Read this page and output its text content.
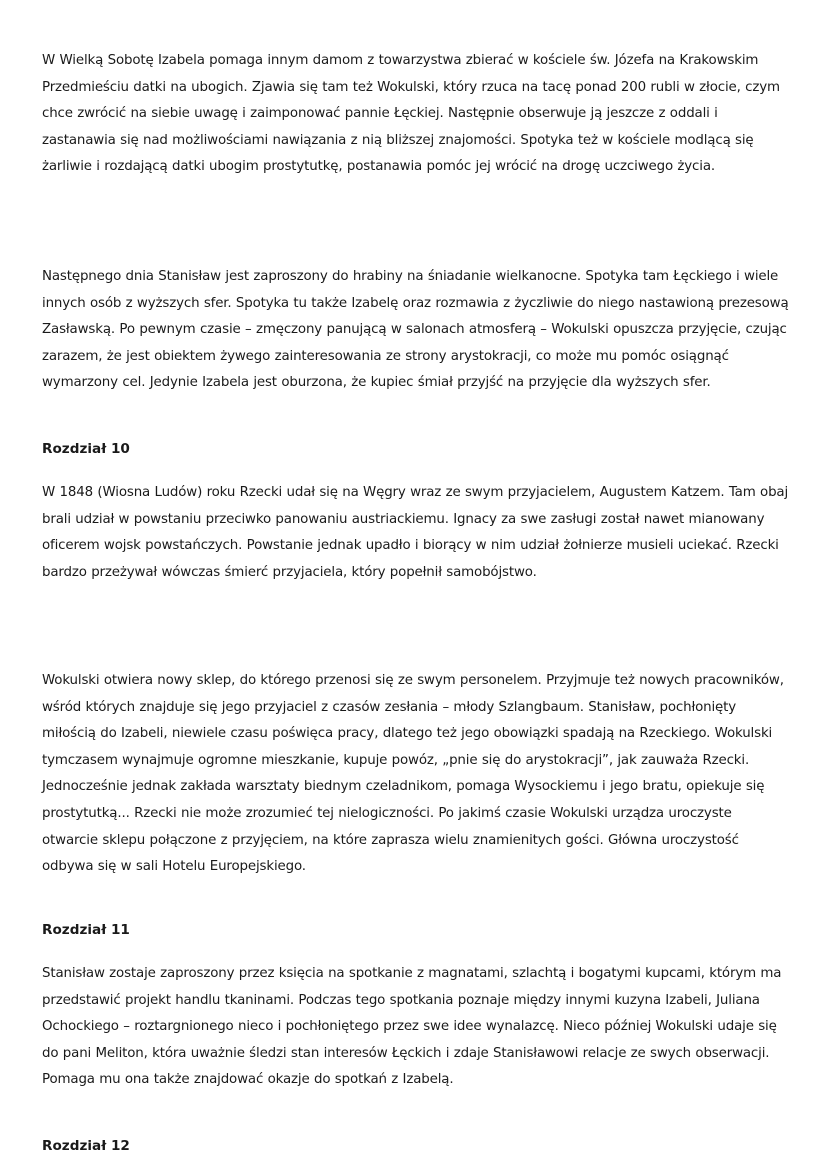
W Wielką Sobotę Izabela pomaga innym damom z towarzystwa zbierać w kościele św. Józefa na Krakowskim Przedmieściu datki na ubogich. Zjawia się tam też Wokulski, który rzuca na tacę ponad 200 rubli w złocie, czym chce zwrócić na siebie uwagę i zaimponować pannie Łęckiej. Następnie obserwuje ją jeszcze z oddali i zastanawia się nad możliwościami nawiązania z nią bliższej znajomości. Spotyka też w kościele modlącą się żarliwie i rozdającą datki ubogim prostytutkę, postanawia pomóc jej wrócić na drogę uczciwego życia.

Następnego dnia Stanisław jest zaproszony do hrabiny na śniadanie wielkanocne. Spotyka tam Łęckiego i wiele innych osób z wyższych sfer. Spotyka tu także Izabelę oraz rozmawia z życzliwie do niego nastawioną prezesową Zasławską. Po pewnym czasie – zmęczony panującą w salonach atmosferą – Wokulski opuszcza przyjęcie, czując zarazem, że jest obiektem żywego zainteresowania ze strony arystokracji, co może mu pomóc osiągnąć wymarzony cel. Jedynie Izabela jest oburzona, że kupiec śmiał przyjść na przyjęcie dla wyższych sfer.

Rozdział 10

W 1848 (Wiosna Ludów) roku Rzecki udał się na Węgry wraz ze swym przyjacielem, Augustem Katzem. Tam obaj brali udział w powstaniu przeciwko panowaniu austriackiemu. Ignacy za swe zasługi został nawet mianowany oficerem wojsk powstańczych. Powstanie jednak upadło i biorący w nim udział żołnierze musieli uciekać. Rzecki bardzo przeżywał wówczas śmierć przyjaciela, który popełnił samobójstwo.

Wokulski otwiera nowy sklep, do którego przenosi się ze swym personelem. Przyjmuje też nowych pracowników, wśród których znajduje się jego przyjaciel z czasów zesłania – młody Szlangbaum. Stanisław, pochłonięty miłością do Izabeli, niewiele czasu poświęca pracy, dlatego też jego obowiązki spadają na Rzeckiego. Wokulski tymczasem wynajmuje ogromne mieszkanie, kupuje powóz, „pnie się do arystokracji”, jak zauważa Rzecki. Jednocześnie jednak zakłada warsztaty biednym czeladnikom, pomaga Wysockiemu i jego bratu, opiekuje się prostytutką... Rzecki nie może zrozumieć tej nielogiczności. Po jakimś czasie Wokulski urządza uroczyste otwarcie sklepu połączone z przyjęciem, na które zaprasza wielu znamienitych gości. Główna uroczystość odbywa się w sali Hotelu Europejskiego.

Rozdział 11

Stanisław zostaje zaproszony przez księcia na spotkanie z magnatami, szlachtą i bogatymi kupcami, którym ma przedstawić projekt handlu tkaninami. Podczas tego spotkania poznaje między innymi kuzyna Izabeli, Juliana Ochockiego – roztargnionego nieco i pochłoniętego przez swe idee wynalazcę. Nieco później Wokulski udaje się do pani Meliton, która uważnie śledzi stan interesów Łęckich i zdaje Stanisławowi relacje ze swych obserwacji. Pomaga mu ona także znajdować okazje do spotkań z Izabelą.

Rozdział 12
